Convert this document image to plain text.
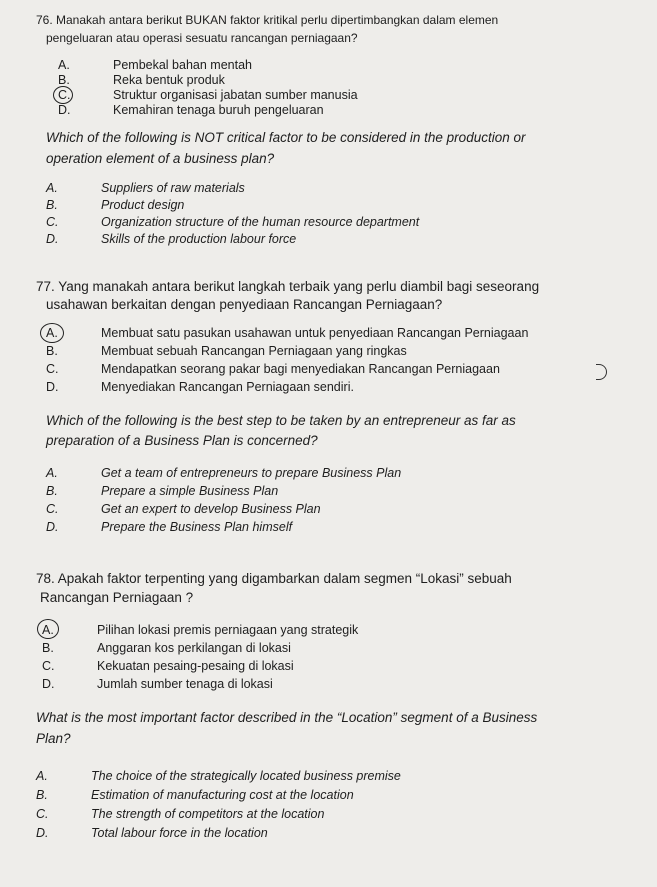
76. Manakah antara berikut BUKAN faktor kritikal perlu dipertimbangkan dalam elemen
pengeluaran atau operasi sesuatu rancangan perniagaan?
A.	Pembekal bahan mentah
B.	Reka bentuk produk
C.	Struktur organisasi jabatan sumber manusia
D.	Kemahiran tenaga buruh pengeluaran
Which of the following is NOT critical factor to be considered in the production or
operation element of a business plan?
A.	Suppliers of raw materials
B.	Product design
C.	Organization structure of the human resource department
D.	Skills of the production labour force
77. Yang manakah antara berikut langkah terbaik yang perlu diambil bagi seseorang
usahawan berkaitan dengan penyediaan Rancangan Perniagaan?
A.	Membuat satu pasukan usahawan untuk penyediaan Rancangan Perniagaan
B.	Membuat sebuah Rancangan Perniagaan yang ringkas
C.	Mendapatkan seorang pakar bagi menyediakan Rancangan Perniagaan
D.	Menyediakan Rancangan Perniagaan sendiri.
Which of the following is the best step to be taken by an entrepreneur as far as
preparation of a Business Plan is concerned?
A.	Get a team of entrepreneurs to prepare Business Plan
B.	Prepare a simple Business Plan
C.	Get an expert to develop Business Plan
D.	Prepare the Business Plan himself
78. Apakah faktor terpenting yang digambarkan dalam segmen “Lokasi” sebuah
Rancangan Perniagaan ?
A.	Pilihan lokasi premis perniagaan yang strategik
B.	Anggaran kos perkilangan di lokasi
C.	Kekuatan pesaing-pesaing di lokasi
D.	Jumlah sumber tenaga di lokasi
What is the most important factor described in the “Location” segment of a Business
Plan?
A.	The choice of the strategically located business premise
B.	Estimation of manufacturing cost at the location
C.	The strength of competitors at the location
D.	Total labour force in the location
